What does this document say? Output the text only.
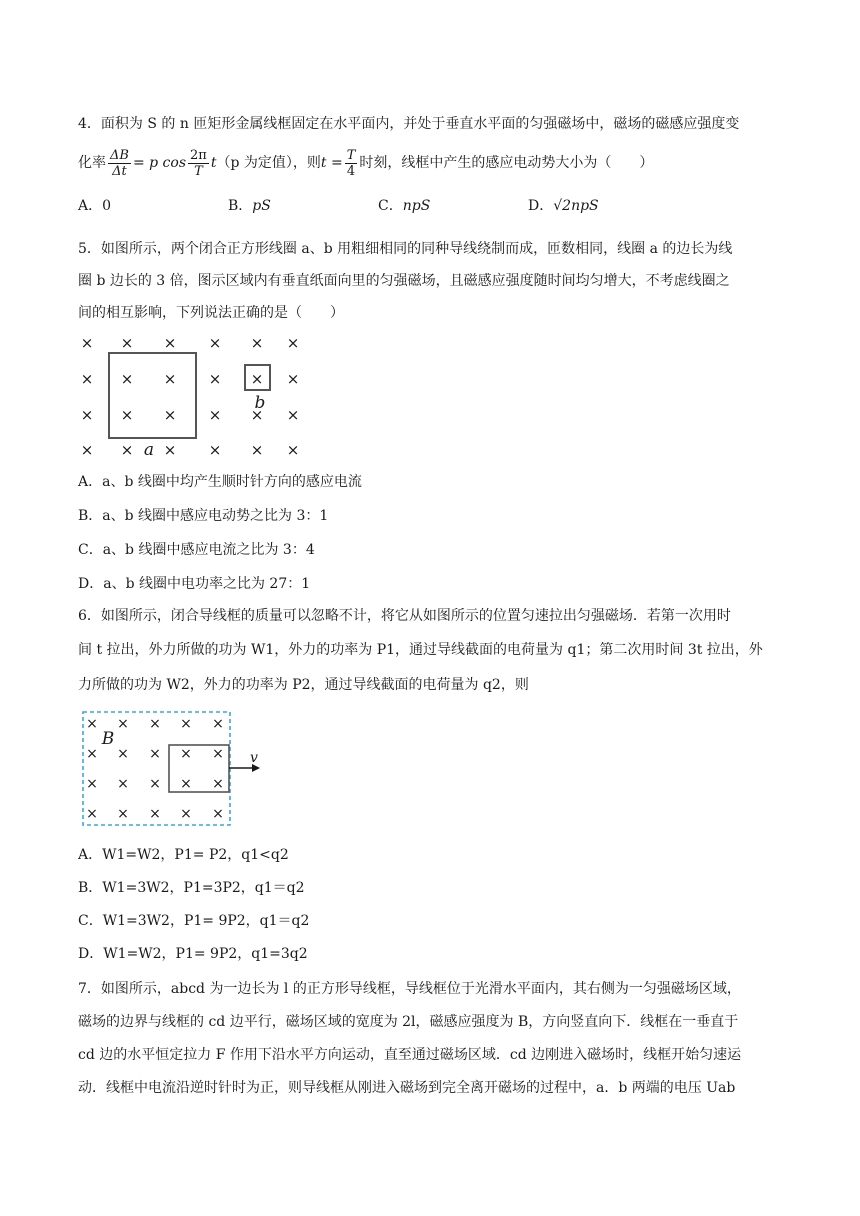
4．面积为 S 的 n 匝矩形金属线框固定在水平面内，并处于垂直水平面的匀强磁场中，磁场的磁感应强度变
化率 $\frac{\Delta B}{\Delta t} = p$ $\cos \frac{2\pi}{T} t(p$ 为定值），则$t = \frac{T}{4}$ 时刻，线框中产生的感应电动势大小为（　　）
A．0	B．pS	C．npS	D．√2npS
5．如图所示，两个闭合正方形线圈 a、b 用粗细相同的同种导线绕制而成，匝数相同，线圈 a 的边长为线
圈 b 边长的 3 倍，图示区域内有垂直纸面向里的匀强磁场，且磁感应强度随时间均匀增大，不考虑线圈之
间的相互影响，下列说法正确的是（　　）
× × × × × ×
× × × × × ×
× × × × × ×
× × × × × ×
a
b
A．a、b 线圈中均产生顺时针方向的感应电流
B．a、b 线圈中感应电动势之比为 3：1
C．a、b 线圈中感应电流之比为 3：4
D．a、b 线圈中电功率之比为 27：1
6．如图所示，闭合导线框的质量可以忽略不计，将它从如图所示的位置匀速拉出匀强磁场．若第一次用时
间 t 拉出，外力所做的功为 W1，外力的功率为 P1，通过导线截面的电荷量为 q1；第二次用时间 3t 拉出，外
力所做的功为 W2，外力的功率为 P2，通过导线截面的电荷量为 q2，则
× × × × ×
× × × × ×
× × × × ×
× × × × ×
B
v
A．W1=W2，P1= P2，q1<q2
B．W1=3W2，P1=3P2，q1＝q2
C．W1=3W2，P1= 9P2，q1＝q2
D．W1=W2，P1= 9P2，q1=3q2
7．如图所示，abcd 为一边长为 l 的正方形导线框，导线框位于光滑水平面内，其右侧为一匀强磁场区域，
磁场的边界与线框的 cd 边平行，磁场区域的宽度为 2l，磁感应强度为 B，方向竖直向下．线框在一垂直于
cd 边的水平恒定拉力 F 作用下沿水平方向运动，直至通过磁场区域．cd 边刚进入磁场时，线框开始匀速运
动．线框中电流沿逆时针时为正，则导线框从刚进入磁场到完全离开磁场的过程中，a．b 两端的电压 Uab
